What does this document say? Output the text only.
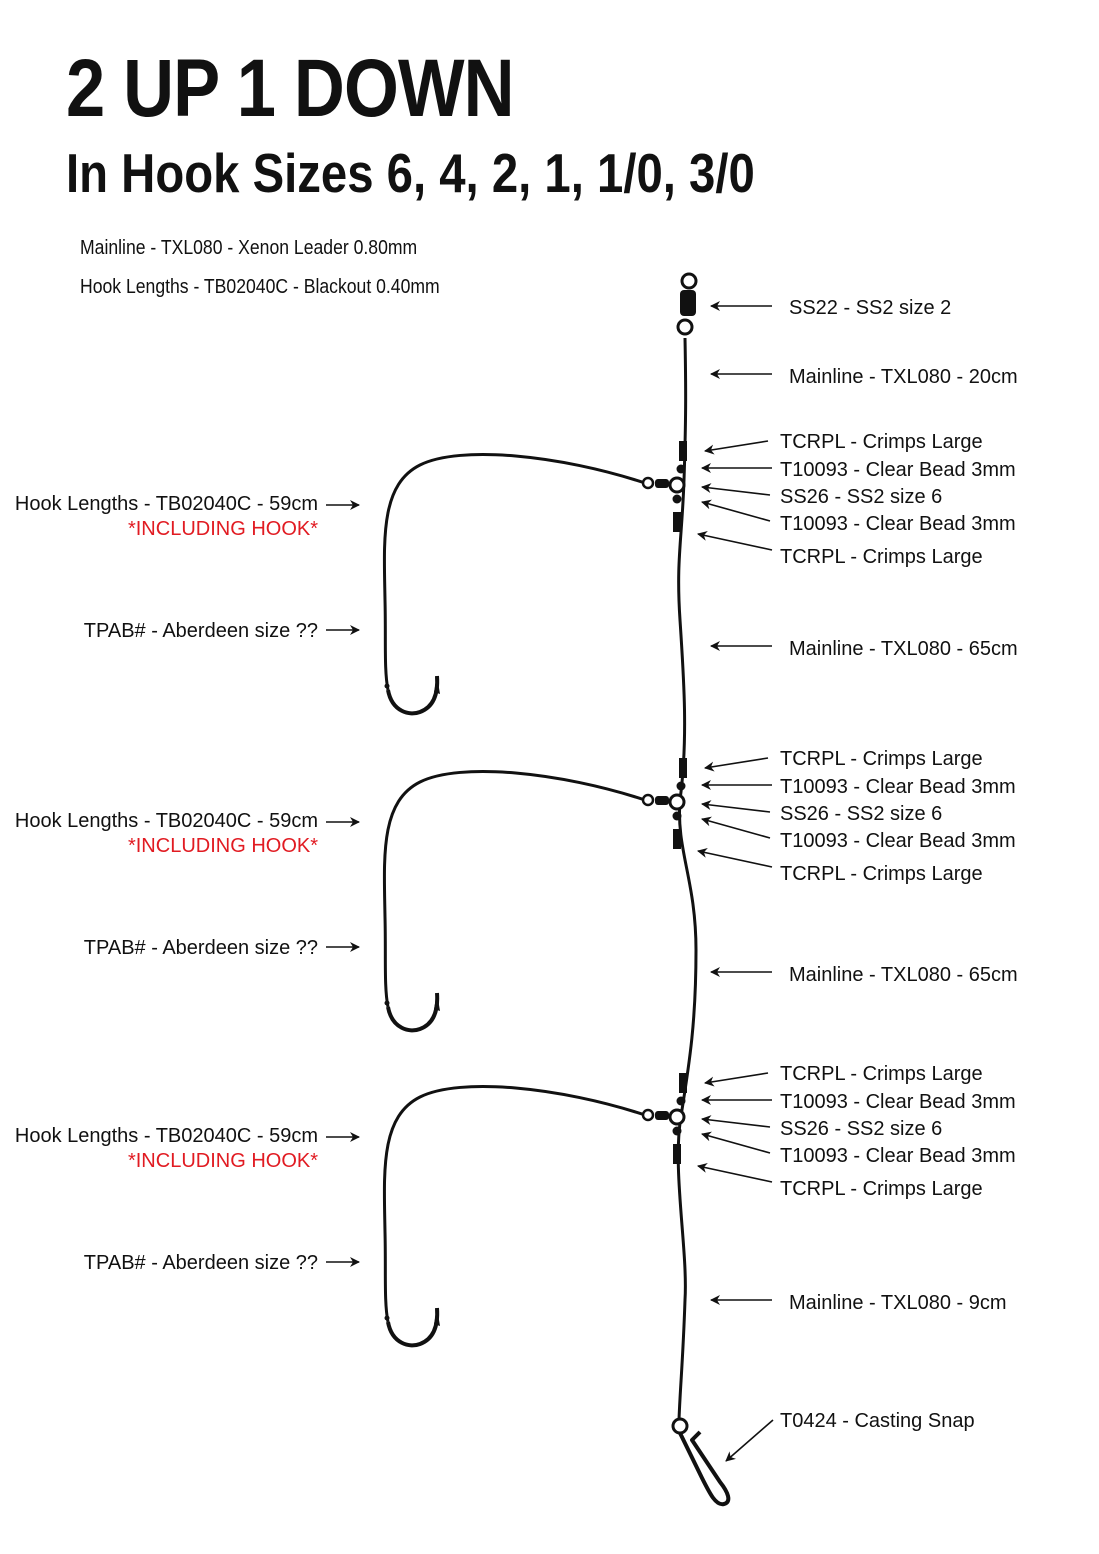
2 UP 1 DOWN
In Hook Sizes 6, 4, 2, 1, 1/0, 3/0
Mainline - TXL080 - Xenon Leader 0.80mm
Hook Lengths - TB02040C - Blackout 0.40mm
SS22 - SS2 size 2
Mainline - TXL080 - 20cm
TCRPL - Crimps Large
T10093 - Clear Bead 3mm
SS26 - SS2 size 6
T10093 - Clear Bead 3mm
TCRPL - Crimps Large
Hook Lengths - TB02040C - 59cm
*INCLUDING HOOK*
TPAB# - Aberdeen size ??
Mainline - TXL080 - 65cm
TCRPL - Crimps Large
T10093 - Clear Bead 3mm
SS26 - SS2 size 6
T10093 - Clear Bead 3mm
TCRPL - Crimps Large
Hook Lengths - TB02040C - 59cm
*INCLUDING HOOK*
TPAB# - Aberdeen size ??
Mainline - TXL080 - 65cm
TCRPL - Crimps Large
T10093 - Clear Bead 3mm
SS26 - SS2 size 6
T10093 - Clear Bead 3mm
TCRPL - Crimps Large
Hook Lengths - TB02040C - 59cm
*INCLUDING HOOK*
TPAB# - Aberdeen size ??
Mainline - TXL080 - 9cm
T0424 - Casting Snap
